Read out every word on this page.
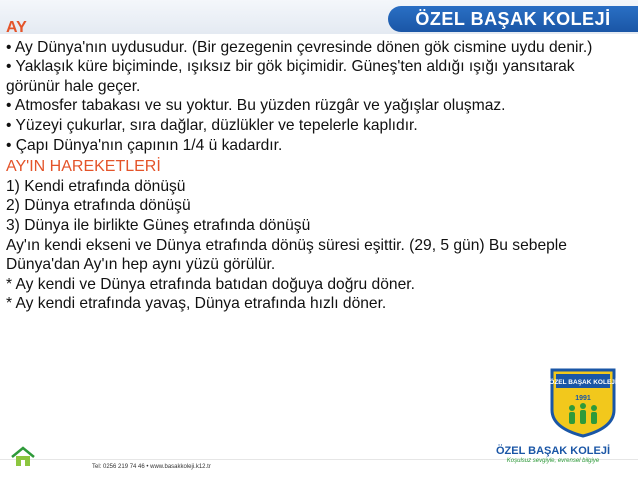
ÖZEL BAŞAK KOLEJİ
AY
• Ay Dünya'nın uydusudur. (Bir gezegenin çevresinde dönen gök cismine uydu denir.)
• Yaklaşık küre biçiminde, ışıksız bir gök biçimidir. Güneş'ten aldığı ışığı yansıtarak görünür hale geçer.
• Atmosfer tabakası ve su yoktur. Bu yüzden rüzgâr ve yağışlar oluşmaz.
• Yüzeyi çukurlar, sıra dağlar, düzlükler ve tepelerle kaplıdır.
• Çapı Dünya'nın çapının 1/4 ü kadardır.
AY'IN HAREKETLERİ
1) Kendi etrafında dönüşü
2) Dünya etrafında dönüşü
3) Dünya ile birlikte Güneş etrafında dönüşü
Ay'ın kendi ekseni ve Dünya etrafında dönüş süresi eşittir. (29, 5 gün) Bu sebeple Dünya'dan Ay'ın hep aynı yüzü görülür.
* Ay kendi ve Dünya etrafında batıdan doğuya doğru döner.
* Ay kendi etrafında yavaş, Dünya etrafında hızlı döner.
ÖZEL BAŞAK KOLEJİ
1991
Tel: 0256 219 74 46 • www.basakkoleji.k12.tr
ÖZEL BAŞAK KOLEJİ
Koşulsuz sevgiyle, evrensel bilgiye
